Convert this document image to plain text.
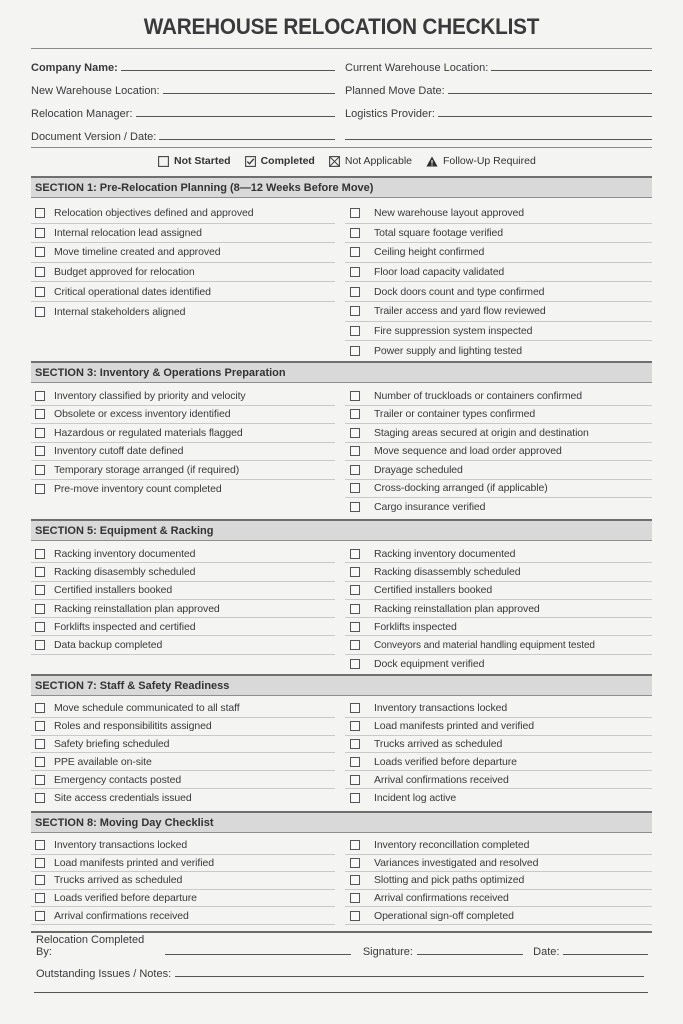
WAREHOUSE RELOCATION CHECKLIST
Company Name:	Current Warehouse Location:
New Warehouse Location:	Planned Move Date:
Relocation Manager:	Logistics Provider:
Document Version / Date:
Not Started	Completed	Not Applicable	Follow-Up Required
SECTION 1: Pre-Relocation Planning (8—12 Weeks Before Move)
Relocation objectives defined and approved
Internal relocation lead assigned
Move timeline created and approved
Budget approved for relocation
Critical operational dates identified
Internal stakeholders aligned
New warehouse layout approved
Total square footage verified
Ceiling height confirmed
Floor load capacity validated
Dock doors count and type confirmed
Trailer access and yard flow reviewed
Fire suppression system inspected
Power supply and lighting tested
SECTION 3: Inventory & Operations Preparation
Inventory classified by priority and velocity
Obsolete or excess inventory identified
Hazardous or regulated materials flagged
Inventory cutoff date defined
Temporary storage arranged (if required)
Pre-move inventory count completed
Number of truckloads or containers confirmed
Trailer or container types confirmed
Staging areas secured at origin and destination
Move sequence and load order approved
Drayage scheduled
Cross-docking arranged (if applicable)
Cargo insurance verified
SECTION 5: Equipment & Racking
Racking inventory documented
Racking disasembly scheduled
Certified installers booked
Racking reinstallation plan approved
Forklifts inspected and certified
Data backup completed
Racking inventory documented
Racking disassembly scheduled
Certified installers booked
Racking reinstallation plan approved
Forklifts inspected
Conveyors and material handling equipment tested
Dock equipment verified
SECTION 7: Staff & Safety Readiness
Move schedule communicated to all staff
Roles and responsibilitits assigned
Safety briefing scheduled
PPE available on-site
Emergency contacts posted
Site access credentials issued
Inventory transactions locked
Load manifests printed and verified
Trucks arrived as scheduled
Loads verified before departure
Arrival confirmations received
Incident log active
SECTION 8: Moving Day Checklist
Inventory transactions locked
Load manifests printed and verified
Trucks arrived as scheduled
Loads verified before departure
Arrival confirmations received
Inventory reconcillation completed
Variances investigated and resolved
Slotting and pick paths optimized
Arrival confirmations received
Operational sign-off completed
Relocation Completed By:	Signature:	Date:
Outstanding Issues / Notes:
